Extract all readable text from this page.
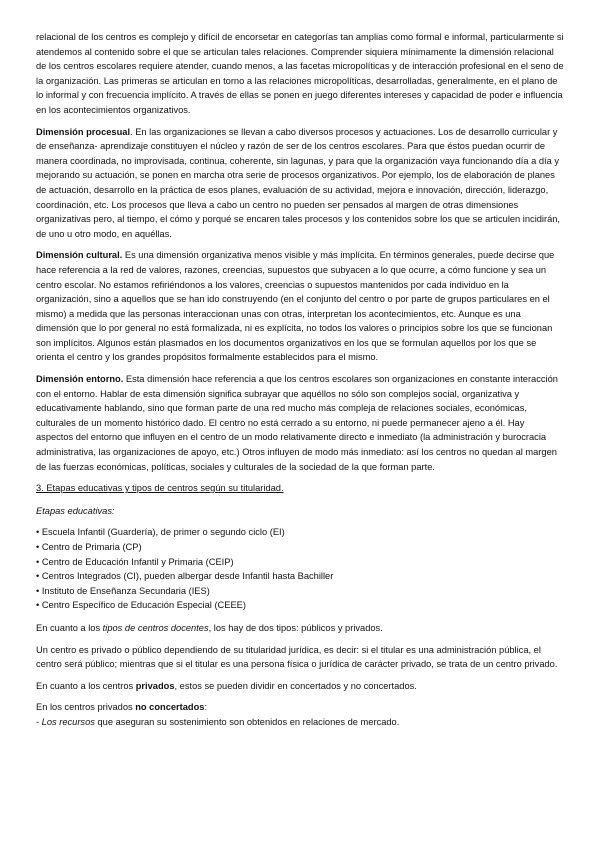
relacional de los centros es complejo y difícil de encorsetar en categorías tan amplias como formal e informal, particularmente si atendemos al contenido sobre el que se articulan tales relaciones. Comprender siquiera mínimamente la dimensión relacional de los centros escolares requiere atender, cuando menos, a las facetas micropolíticas y de interacción profesional en el seno de la organización. Las primeras se articulan en torno a las relaciones micropolíticas, desarrolladas, generalmente, en el plano de lo informal y con frecuencia implícito. A través de ellas se ponen en juego diferentes intereses y capacidad de poder e influencia en los acontecimientos organizativos.

Dimensión procesual. En las organizaciones se llevan a cabo diversos procesos y actuaciones. Los de desarrollo curricular y de enseñanza- aprendizaje constituyen el núcleo y razón de ser de los centros escolares. Para que éstos puedan ocurrir de manera coordinada, no improvisada, continua, coherente, sin lagunas, y para que la organización vaya funcionando día a día y mejorando su actuación, se ponen en marcha otra serie de procesos organizativos. Por ejemplo, los de elaboración de planes de actuación, desarrollo en la práctica de esos planes, evaluación de su actividad, mejora e innovación, dirección, liderazgo, coordinación, etc. Los procesos que lleva a cabo un centro no pueden ser pensados al margen de otras dimensiones organizativas pero, al tiempo, el cómo y porqué se encaren tales procesos y los contenidos sobre los que se articulen incidirán, de uno u otro modo, en aquéllas.

Dimensión cultural. Es una dimensión organizativa menos visible y más implícita. En términos generales, puede decirse que hace referencia a la red de valores, razones, creencias, supuestos que subyacen a lo que ocurre, a cómo funcione y sea un centro escolar. No estamos refiriéndonos a los valores, creencias o supuestos mantenidos por cada individuo en la organización, sino a aquellos que se han ido construyendo (en el conjunto del centro o por parte de grupos particulares en el mismo) a medida que las personas interaccionan unas con otras, interpretan los acontecimientos, etc. Aunque es una dimensión que lo por general no está formalizada, ni es explícita, no todos los valores o principios sobre los que se funcionan son implícitos. Algunos están plasmados en los documentos organizativos en los que se formulan aquellos por los que se orienta el centro y los grandes propósitos formalmente establecidos para el mismo.

Dimensión entorno. Esta dimensión hace referencia a que los centros escolares son organizaciones en constante interacción con el entorno. Hablar de esta dimensión significa subrayar que aquéllos no sólo son complejos social, organizativa y educativamente hablando, sino que forman parte de una red mucho más compleja de relaciones sociales, económicas, culturales de un momento histórico dado. El centro no está cerrado a su entorno, ni puede permanecer ajeno a él. Hay aspectos del entorno que influyen en el centro de un modo relativamente directo e inmediato (la administración y burocracia administrativa, las organizaciones de apoyo, etc.) Otros influyen de modo más inmediato: así los centros no quedan al margen de las fuerzas económicas, políticas, sociales y culturales de la sociedad de la que forman parte.

3. Etapas educativas y tipos de centros según su titularidad.

Etapas educativas:

• Escuela Infantil (Guardería), de primer o segundo ciclo (EI)
• Centro de Primaria (CP)
• Centro de Educación Infantil y Primaria (CEIP)
• Centros Integrados (CI), pueden albergar desde Infantil hasta Bachiller
• Instituto de Enseñanza Secundaria (IES)
• Centro Específico de Educación Especial (CEEE)

En cuanto a los tipos de centros docentes, los hay de dos tipos: públicos y privados.

Un centro es privado o público dependiendo de su titularidad jurídica, es decir: si el titular es una administración pública, el centro será público; mientras que si el titular es una persona física o jurídica de carácter privado, se trata de un centro privado.

En cuanto a los centros privados, estos se pueden dividir en concertados y no concertados.

En los centros privados no concertados:

- Los recursos que aseguran su sostenimiento son obtenidos en relaciones de mercado.
